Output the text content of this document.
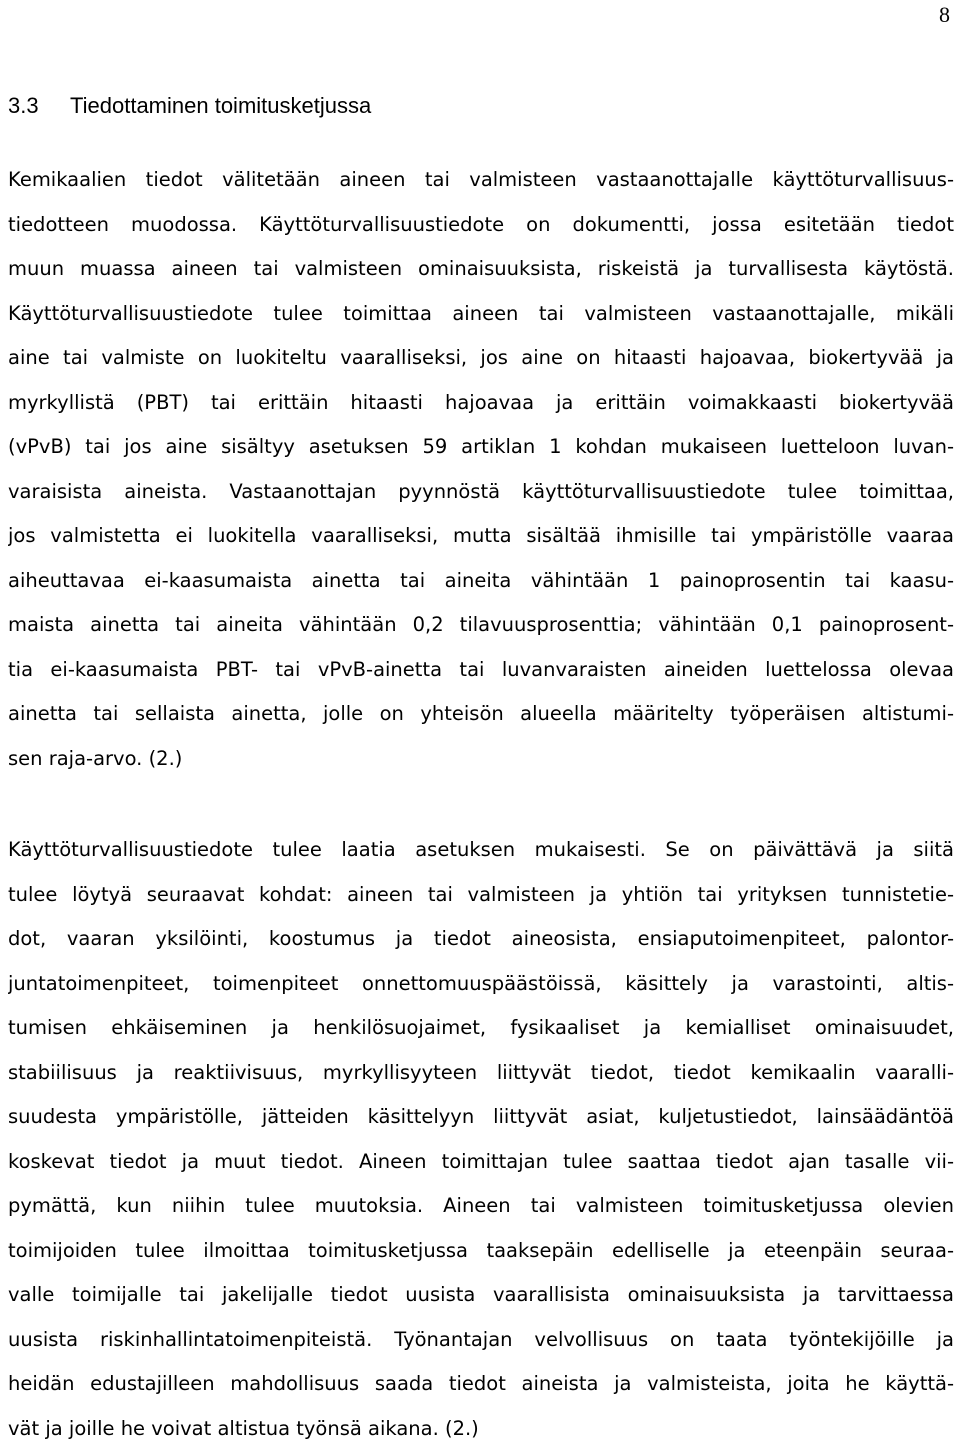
8
3.3 Tiedottaminen toimitusketjussa
Kemikaalien tiedot välitetään aineen tai valmisteen vastaanottajalle käyttöturvallisuus-
tiedotteen muodossa. Käyttöturvallisuustiedote on dokumentti, jossa esitetään tiedot
muun muassa aineen tai valmisteen ominaisuuksista, riskeistä ja turvallisesta käytöstä.
Käyttöturvallisuustiedote tulee toimittaa aineen tai valmisteen vastaanottajalle, mikäli
aine tai valmiste on luokiteltu vaaralliseksi, jos aine on hitaasti hajoavaa, biokertyvää ja
myrkyllistä (PBT) tai erittäin hitaasti hajoavaa ja erittäin voimakkaasti biokertyvää
(vPvB) tai jos aine sisältyy asetuksen 59 artiklan 1 kohdan mukaiseen luetteloon luvan-
varaisista aineista. Vastaanottajan pyynnöstä käyttöturvallisuustiedote tulee toimittaa,
jos valmistetta ei luokitella vaaralliseksi, mutta sisältää ihmisille tai ympäristölle vaaraa
aiheuttavaa ei-kaasumaista ainetta tai aineita vähintään 1 painoprosentin tai kaasu-
maista ainetta tai aineita vähintään 0,2 tilavuusprosenttia; vähintään 0,1 painoprosent-
tia ei-kaasumaista PBT- tai vPvB-ainetta tai luvanvaraisten aineiden luettelossa olevaa
ainetta tai sellaista ainetta, jolle on yhteisön alueella määritelty työperäisen altistumi-
sen raja-arvo. (2.)
Käyttöturvallisuustiedote tulee laatia asetuksen mukaisesti. Se on päivättävä ja siitä
tulee löytyä seuraavat kohdat: aineen tai valmisteen ja yhtiön tai yrityksen tunnistetie-
dot, vaaran yksilöinti, koostumus ja tiedot aineosista, ensiaputoimenpiteet, palontor-
juntatoimenpiteet, toimenpiteet onnettomuuspäästöissä, käsittely ja varastointi, altis-
tumisen ehkäiseminen ja henkilösuojaimet, fysikaaliset ja kemialliset ominaisuudet,
stabiilisuus ja reaktiivisuus, myrkyllisyyteen liittyvät tiedot, tiedot kemikaalin vaaralli-
suudesta ympäristölle, jätteiden käsittelyyn liittyvät asiat, kuljetustiedot, lainsäädäntöä
koskevat tiedot ja muut tiedot. Aineen toimittajan tulee saattaa tiedot ajan tasalle vii-
pymättä, kun niihin tulee muutoksia. Aineen tai valmisteen toimitusketjussa olevien
toimijoiden tulee ilmoittaa toimitusketjussa taaksepäin edelliselle ja eteenpäin seuraa-
valle toimijalle tai jakelijalle tiedot uusista vaarallisista ominaisuuksista ja tarvittaessa
uusista riskinhallintatoimenpiteistä. Työnantajan velvollisuus on taata työntekijöille ja
heidän edustajilleen mahdollisuus saada tiedot aineista ja valmisteista, joita he käyttä-
vät ja joille he voivat altistua työnsä aikana. (2.)
